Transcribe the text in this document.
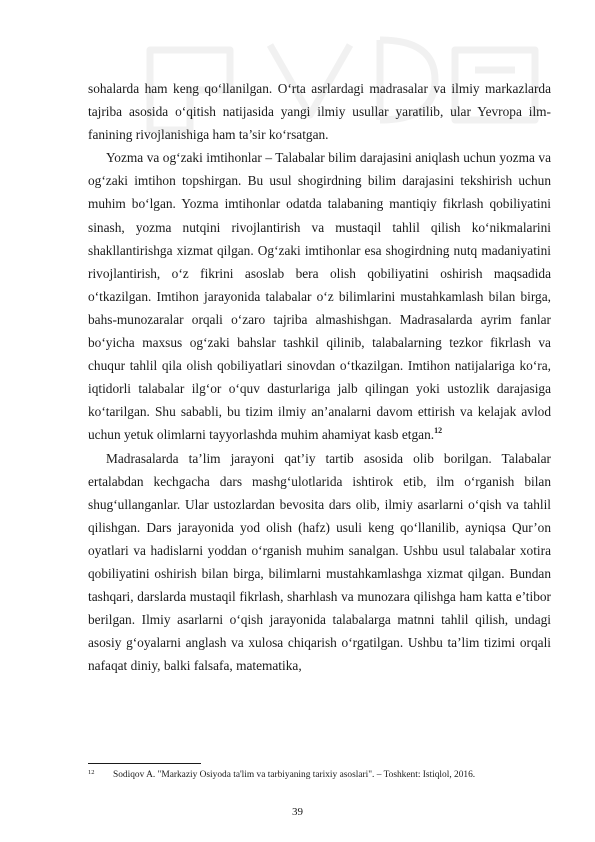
sohalarda ham keng qo‘llanilgan. O‘rta asrlardagi madrasalar va ilmiy markazlarda tajriba asosida o‘qitish natijasida yangi ilmiy usullar yaratilib, ular Yevropa ilm-fanining rivojlanishiga ham ta’sir ko‘rsatgan.

Yozma va og‘zaki imtihonlar – Talabalar bilim darajasini aniqlash uchun yozma va og‘zaki imtihon topshirgan. Bu usul shogirdning bilim darajasini tekshirish uchun muhim bo‘lgan. Yozma imtihonlar odatda talabaning mantiqiy fikrlash qobiliyatini sinash, yozma nutqini rivojlantirish va mustaqil tahlil qilish ko‘nikmalarini shakllantirishga xizmat qilgan. Og‘zaki imtihonlar esa shogirdning nutq madaniyatini rivojlantirish, o‘z fikrini asoslab bera olish qobiliyatini oshirish maqsadida o‘tkazilgan. Imtihon jarayonida talabalar o‘z bilimlarini mustahkamlash bilan birga, bahs-munozaralar orqali o‘zaro tajriba almashishgan. Madrasalarda ayrim fanlar bo‘yicha maxsus og‘zaki bahslar tashkil qilinib, talabalarning tezkor fikrlash va chuqur tahlil qila olish qobiliyatlari sinovdan o‘tkazilgan. Imtihon natijalariga ko‘ra, iqtidorli talabalar ilg‘or o‘quv dasturlariga jalb qilingan yoki ustozlik darajasiga ko‘tarilgan. Shu sababli, bu tizim ilmiy an’analarni davom ettirish va kelajak avlod uchun yetuk olimlarni tayyorlashda muhim ahamiyat kasb etgan.$^{12}$

Madrasalarda ta’lim jarayoni qat’iy tartib asosida olib borilgan. Talabalar ertalabdan kechgacha dars mashg‘ulotlarida ishtirok etib, ilm o‘rganish bilan shug‘ullanganlar. Ular ustozlardan bevosita dars olib, ilmiy asarlarni o‘qish va tahlil qilishgan. Dars jarayonida yod olish (hafz) usuli keng qo‘llanilib, ayniqsa Qur’on oyatlari va hadislarni yoddan o‘rganish muhim sanalgan. Ushbu usul talabalar xotira qobiliyatini oshirish bilan birga, bilimlarni mustahkamlashga xizmat qilgan. Bundan tashqari, darslarda mustaqil fikrlash, sharhlash va munozara qilishga ham katta e’tibor berilgan. Ilmiy asarlarni o‘qish jarayonida talabalarga matnni tahlil qilish, undagi asosiy g‘oyalarni anglash va xulosa chiqarish o‘rgatilgan. Ushbu ta’lim tizimi orqali nafaqat diniy, balki falsafa, matematika,

12 Sodiqov A. "Markaziy Osiyoda ta'lim va tarbiyaning tarixiy asoslari". – Toshkent: Istiqlol, 2016.
39
